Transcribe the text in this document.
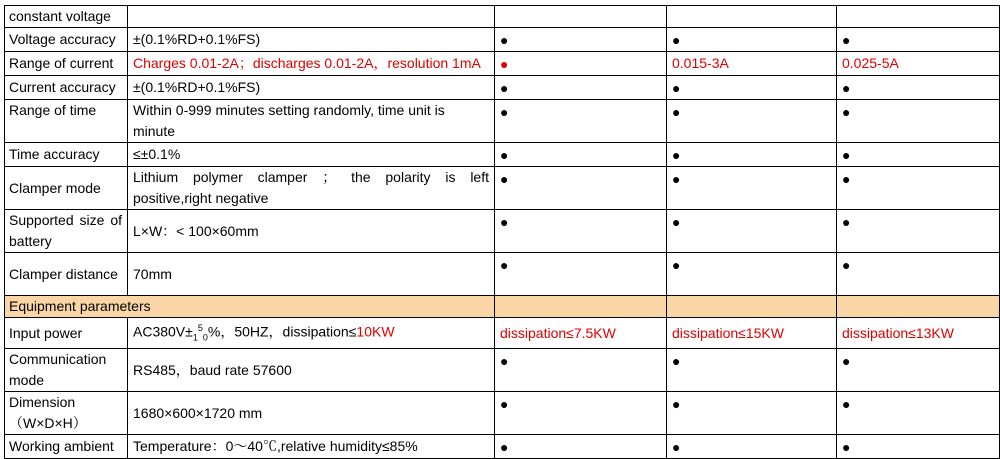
constant voltage				
Voltage accuracy	±(0.1%RD+0.1%FS)	●	●	●
Range of current	Charges 0.01-2A；discharges 0.01-2A，resolution 1mA	●	0.015-3A	0.025-5A
Current accuracy	±(0.1%RD+0.1%FS)	●	●	●
Range of time	Within 0-999 minutes setting randomly, time unit is minute	●	●	●
Time accuracy	≤±0.1%	●	●	●
Clamper mode	Lithium polymer clamper ； the polarity is left positive,right negative	●	●	●
Supported size of battery	L×W：< 100×60mm	●	●	●
Clamper distance	70mm	●	●	●
Equipment parameters				
Input power	$AC380V\pm_1^5_0\%$，50HZ，dissipation≤10KW	dissipation≤7.5KW	dissipation≤15KW	dissipation≤13KW
Communication mode	RS485，baud rate 57600	●	●	●
Dimension （W×D×H）	1680×600×1720 mm	●	●	●
Working ambient	Temperature：0～40℃,relative humidity≤85%	●	●	●
